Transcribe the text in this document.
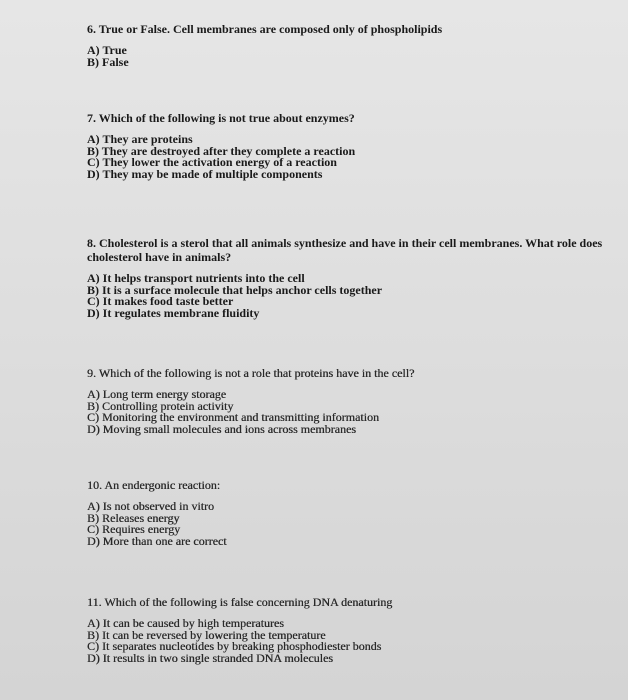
6. True or False. Cell membranes are composed only of phospholipids

A) True
B) False

7. Which of the following is not true about enzymes?

A) They are proteins
B) They are destroyed after they complete a reaction
C) They lower the activation energy of a reaction
D) They may be made of multiple components

8. Cholesterol is a sterol that all animals synthesize and have in their cell membranes. What role does cholesterol have in animals?

A) It helps transport nutrients into the cell
B) It is a surface molecule that helps anchor cells together
C) It makes food taste better
D) It regulates membrane fluidity

9. Which of the following is not a role that proteins have in the cell?

A) Long term energy storage
B) Controlling protein activity
C) Monitoring the environment and transmitting information
D) Moving small molecules and ions across membranes

10. An endergonic reaction:

A) Is not observed in vitro
B) Releases energy
C) Requires energy
D) More than one are correct

11. Which of the following is false concerning DNA denaturing

A) It can be caused by high temperatures
B) It can be reversed by lowering the temperature
C) It separates nucleotides by breaking phosphodiester bonds
D) It results in two single stranded DNA molecules
